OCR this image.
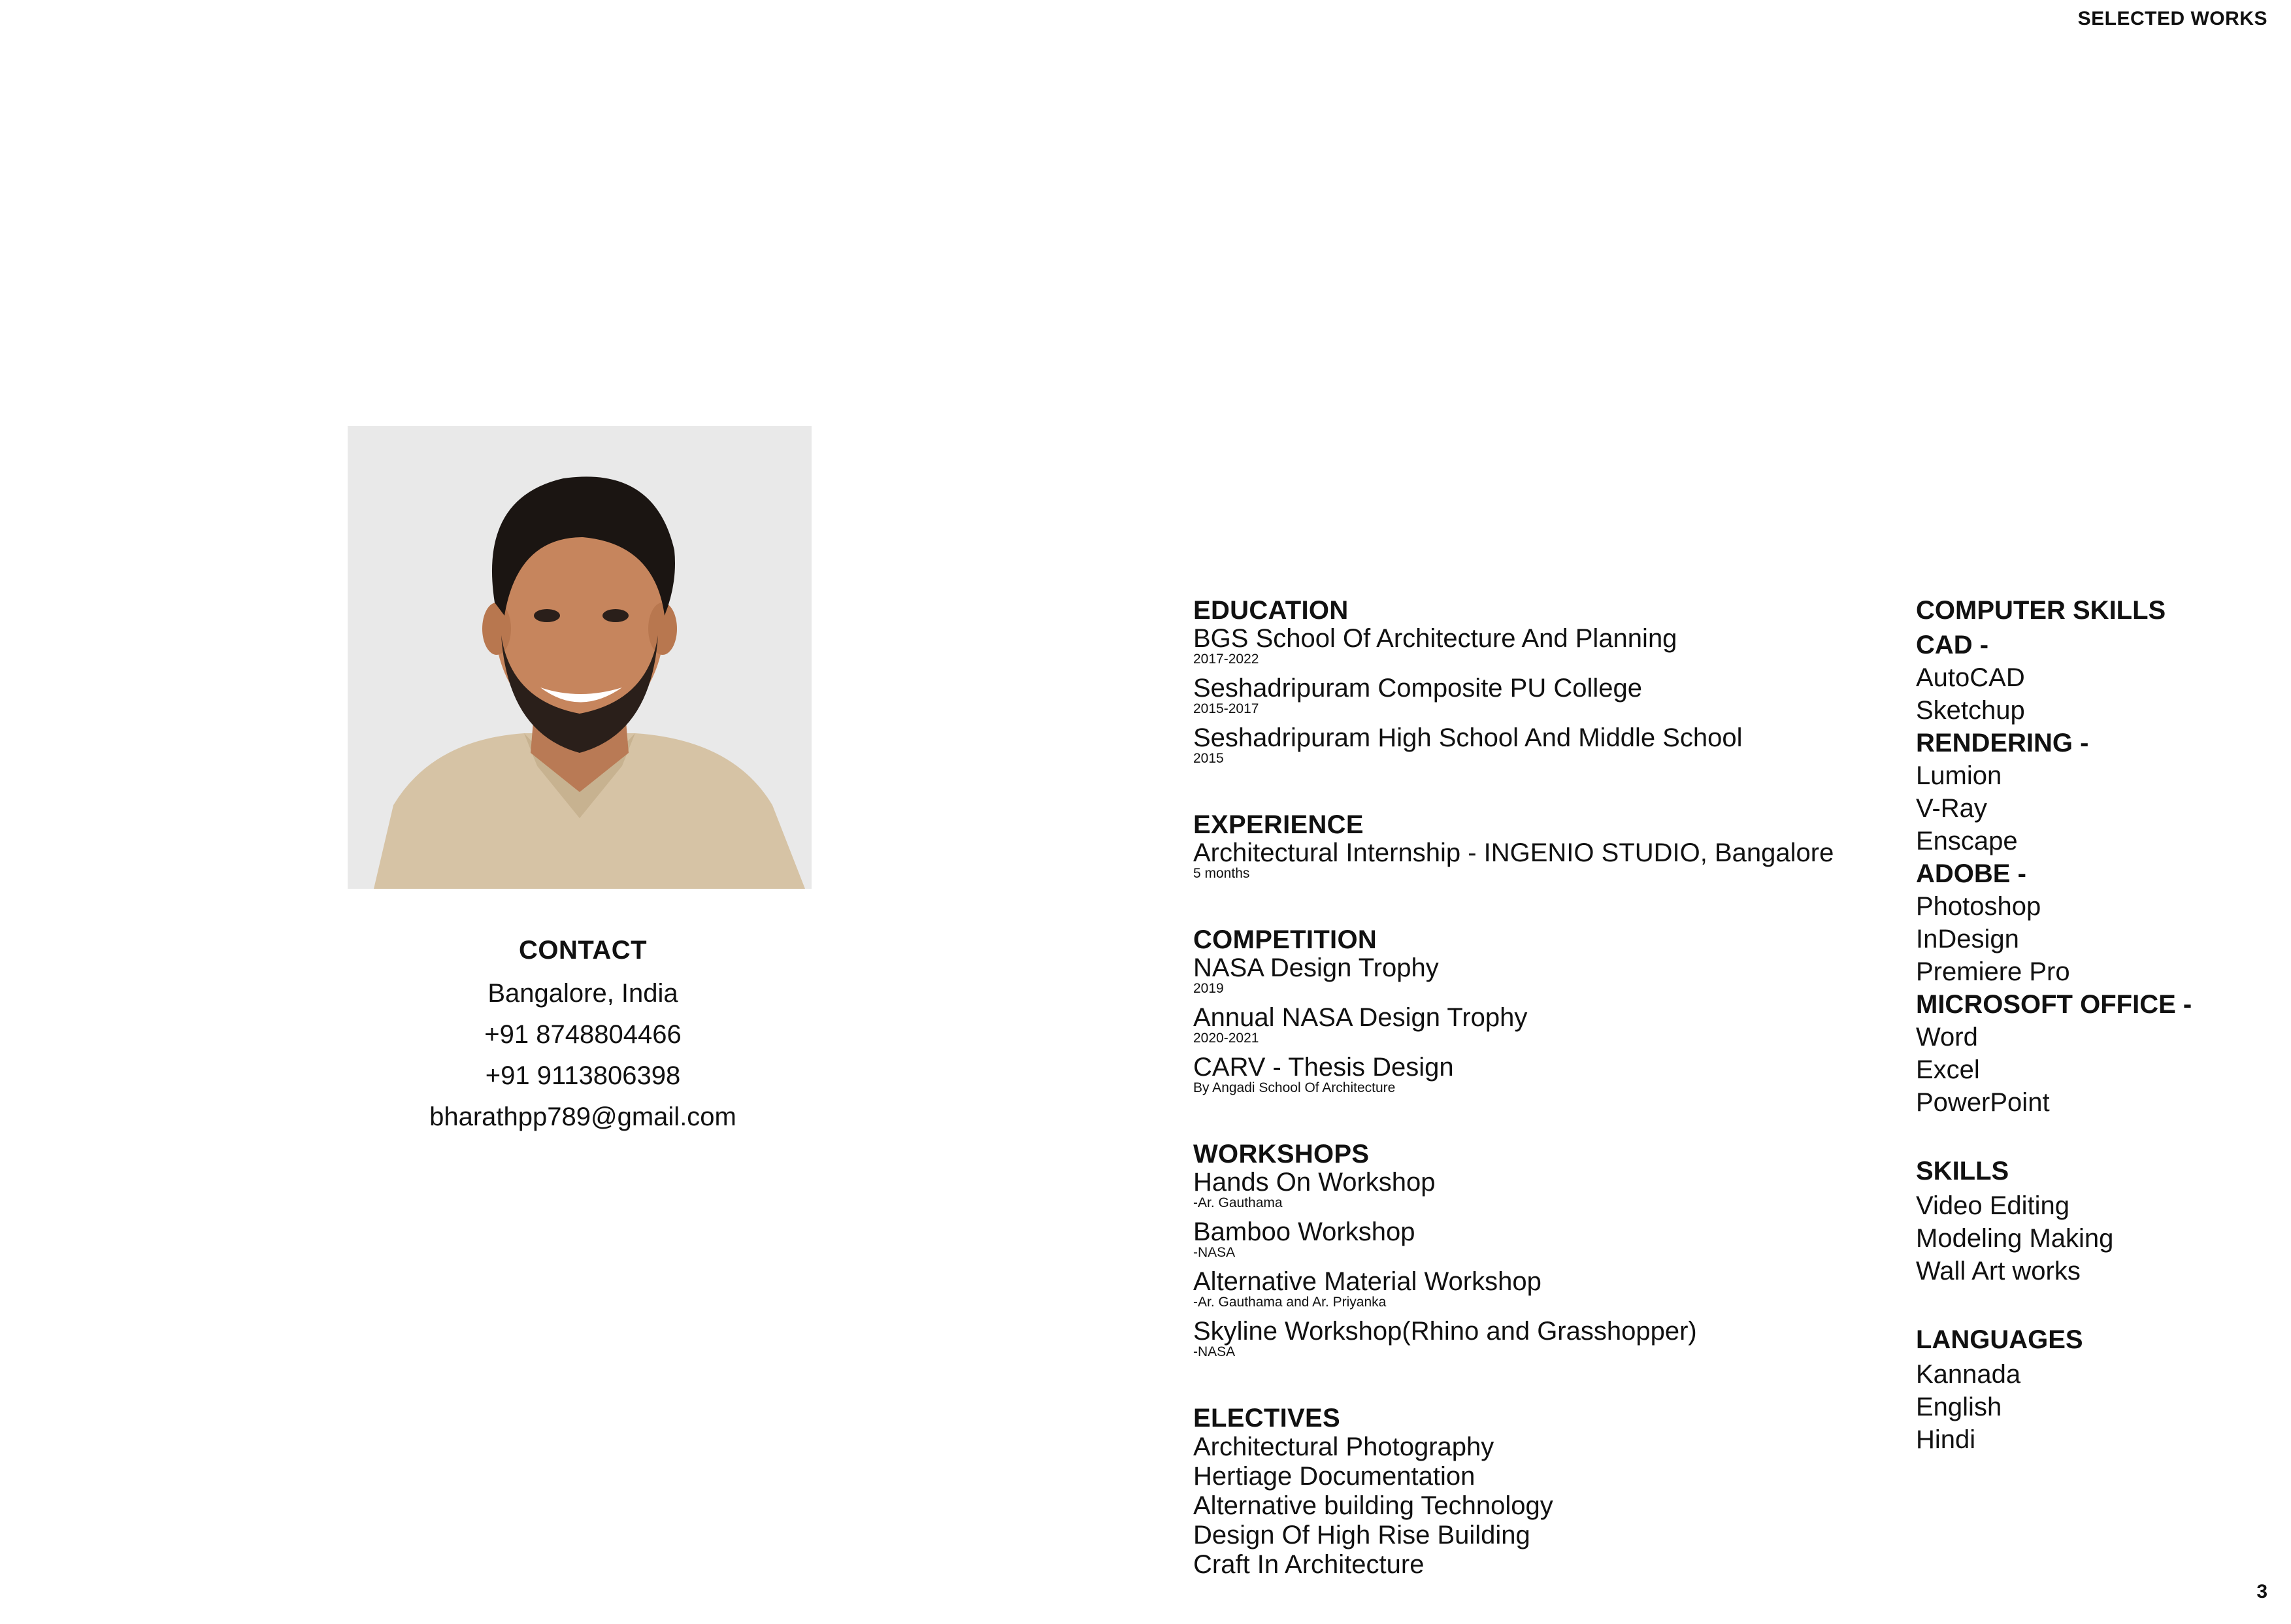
SELECTED WORKS
CONTACT
Bangalore, India
+91 8748804466
+91 9113806398
bharathpp789@gmail.com
EDUCATION
BGS School Of Architecture And Planning
2017-2022
Seshadripuram Composite PU College
2015-2017
Seshadripuram High School And Middle School
2015
EXPERIENCE
Architectural Internship - INGENIO STUDIO, Bangalore
5 months
COMPETITION
NASA Design Trophy
2019
Annual NASA Design Trophy
2020-2021
CARV - Thesis Design
By Angadi School Of Architecture
WORKSHOPS
Hands On Workshop
-Ar. Gauthama
Bamboo Workshop
-NASA
Alternative Material Workshop
-Ar. Gauthama and Ar. Priyanka
Skyline Workshop(Rhino and Grasshopper)
-NASA
ELECTIVES
Architectural Photography
Hertiage Documentation
Alternative building Technology
Design Of High Rise Building
Craft In Architecture
COMPUTER SKILLS
CAD -
AutoCAD
Sketchup
RENDERING -
Lumion
V-Ray
Enscape
ADOBE -
Photoshop
InDesign
Premiere Pro
MICROSOFT OFFICE -
Word
Excel
PowerPoint
SKILLS
Video Editing
Modeling Making
Wall Art works
LANGUAGES
Kannada
English
Hindi
3
